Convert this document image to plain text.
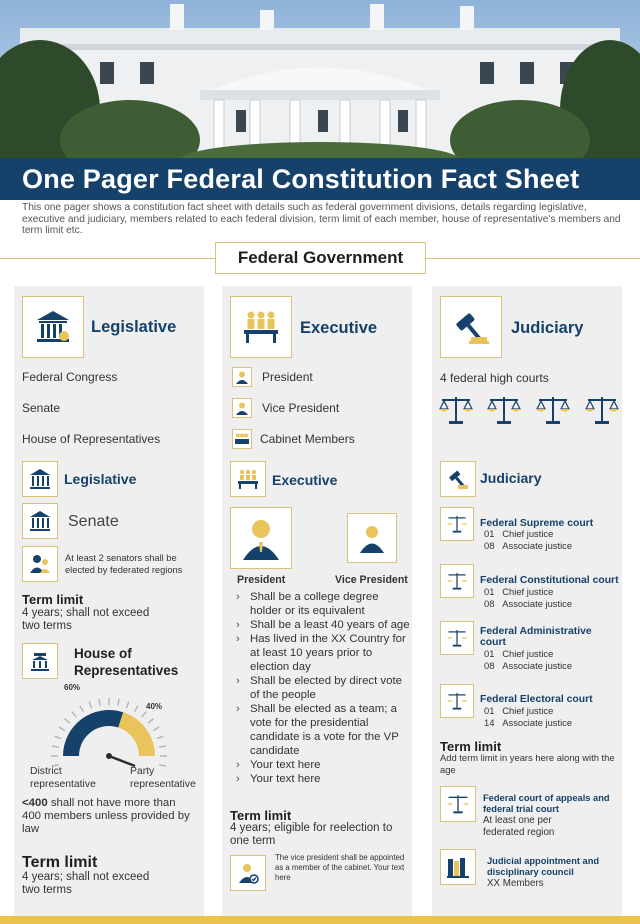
One Pager Federal Constitution Fact Sheet

This one pager shows a constitution fact sheet with details such as federal government divisions, details regarding legislative, executive and judiciary, members related to each federal division, term limit of each member, house of representative's members and term limit etc.

Federal Government
Legislative
Federal Congress
Senate
House of Representatives
Legislative
Senate
At least 2 senators shall be elected by federated regions
Term limit
4 years; shall not exceed two terms
House of Representatives
60%
40%
District representative
Party representative
<400 shall not have more than 400 members unless provided by law
Term limit
4 years; shall not exceed two terms
Executive
President
Vice President
Cabinet Members
Executive
President	Vice President
› Shall be a college degree holder or its equivalent
› Shall be a least 40 years of age
› Has lived in the XX Country for at least 10 years prior to election day
› Shall be elected by direct vote of the people
› Shall be elected as a team; a vote for the presidential candidate is a vote for the VP candidate
› Your text here
› Your text here
Term limit
4 years; eligible for reelection to one term
The vice president shall be appointed as a member of the cabinet. Your text here
Judiciary
4 federal high courts
Judiciary
Federal Supreme court
01 Chief justice
08 Associate justice
Federal Constitutional court
01 Chief justice
08 Associate justice
Federal Administrative court
01 Chief justice
08 Associate justice
Federal Electoral court
01 Chief justice
14 Associate justice
Term limit
Add term limit in years here along with the age
Federal court of appeals and federal trial court
At least one per federated region
Judicial appointment and disciplinary council
XX Members
